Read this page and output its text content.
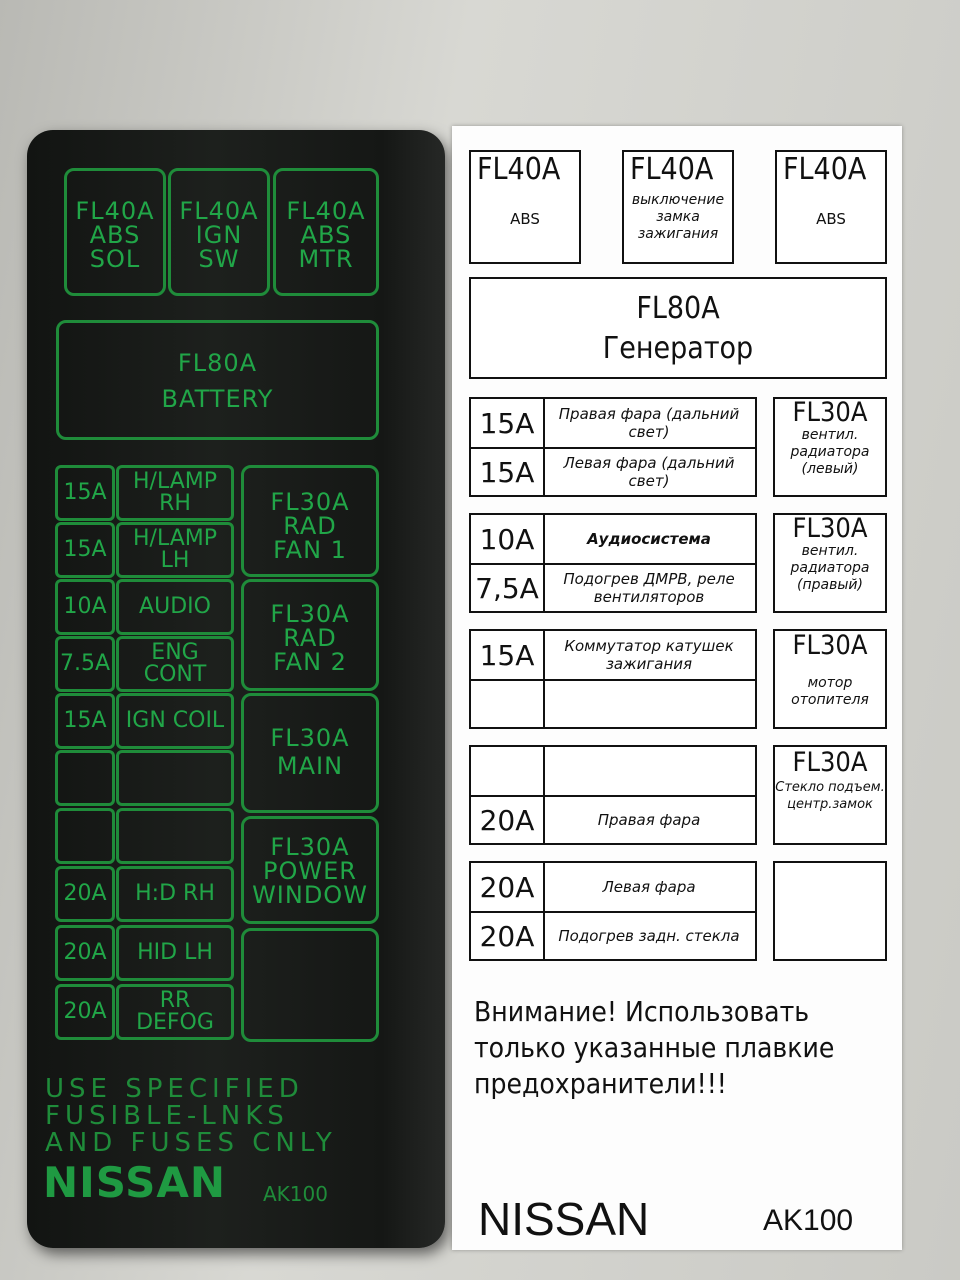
FL40A
ABS
SOL
FL40A
IGN
SW
FL40A
ABS
MTR
FL80A
BATTERY
15A	H/LAMP RH
15A	H/LAMP LH
10A	AUDIO
7.5A	ENG CONT
15A IGN COIL
20A	H:D RH
20A	HID LH
20A	RR DEFOG
FL30A
RAD
FAN 1
FL30A
RAD
FAN 2
FL30A
MAIN
FL30A
POWER
WINDOW
USE SPECIFIED
FUSIBLE-LNKS
AND FUSES CNLY
NISSAN AK100
FL40A
ABS
FL40A
выключение замка зажигания
FL40A
ABS
FL80A
Генератор
15A	Правая фара (дальний свет)
15A	Левая фара (дальний свет)
10A	Аудиосистема
7,5A	Подогрев ДМРВ, реле вентиляторов
15A	Коммутатор катушек зажигания
20A	Правая фара
20A	Левая фара
20A	Подогрев задн. стекла
FL30A
вентил. радиатора (левый)
FL30A
вентил. радиатора (правый)
FL30A
мотор отопителя
FL30A
Стекло подъем. центр.замок
Внимание! Использовать только указанные плавкие предохранители!!!
NISSAN	AK100
